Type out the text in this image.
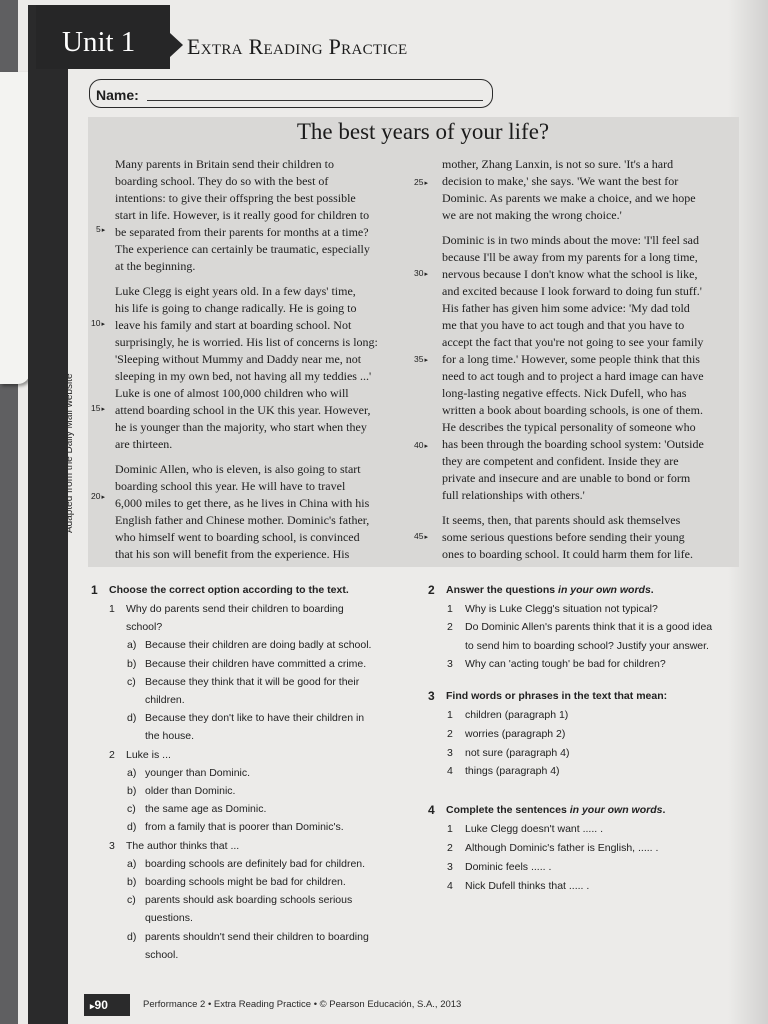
Unit 1 Extra Reading Practice
Name:
The best years of your life?
Adapted from the Daily Mail website
Many parents in Britain send their children to
boarding school. They do so with the best of
intentions: to give their offspring the best possible
start in life. However, is it really good for children to
be separated from their parents for months at a time?
The experience can certainly be traumatic, especially
at the beginning.
Luke Clegg is eight years old. In a few days' time,
his life is going to change radically. He is going to
leave his family and start at boarding school. Not
surprisingly, he is worried. His list of concerns is long:
'Sleeping without Mummy and Daddy near me, not
sleeping in my own bed, not having all my teddies ...'
Luke is one of almost 100,000 children who will
attend boarding school in the UK this year. However,
he is younger than the majority, who start when they
are thirteen.
Dominic Allen, who is eleven, is also going to start
boarding school this year. He will have to travel
6,000 miles to get there, as he lives in China with his
English father and Chinese mother. Dominic's father,
who himself went to boarding school, is convinced
that his son will benefit from the experience. His
mother, Zhang Lanxin, is not so sure. 'It's a hard
decision to make,' she says. 'We want the best for
Dominic. As parents we make a choice, and we hope
we are not making the wrong choice.'
Dominic is in two minds about the move: 'I'll feel sad
because I'll be away from my parents for a long time,
nervous because I don't know what the school is like,
and excited because I look forward to doing fun stuff.'
His father has given him some advice: 'My dad told
me that you have to act tough and that you have to
accept the fact that you're not going to see your family
for a long time.' However, some people think that this
need to act tough and to project a hard image can have
long-lasting negative effects. Nick Dufell, who has
written a book about boarding schools, is one of them.
He describes the typical personality of someone who
has been through the boarding school system: 'Outside
they are competent and confident. Inside they are
private and insecure and are unable to bond or form
full relationships with others.'
It seems, then, that parents should ask themselves
some serious questions before sending their young
ones to boarding school. It could harm them for life.
5 ▸
10 ▸
15 ▸
20 ▸
25 ▸
30 ▸
35 ▸
40 ▸
45 ▸
1 Choose the correct option according to the text.
1 Why do parents send their children to boarding
school?
a) Because their children are doing badly at school.
b) Because their children have committed a crime.
c) Because they think that it will be good for their
children.
d) Because they don't like to have their children in
the house.
2 Luke is ...
a) younger than Dominic.
b) older than Dominic.
c) the same age as Dominic.
d) from a family that is poorer than Dominic's.
3 The author thinks that ...
a) boarding schools are definitely bad for children.
b) boarding schools might be bad for children.
c) parents should ask boarding schools serious
questions.
d) parents shouldn't send their children to boarding
school.
2 Answer the questions in your own words.
1 Why is Luke Clegg's situation not typical?
2 Do Dominic Allen's parents think that it is a good idea
to send him to boarding school? Justify your answer.
3 Why can 'acting tough' be bad for children?
3 Find words or phrases in the text that mean:
1 children (paragraph 1)
2 worries (paragraph 2)
3 not sure (paragraph 4)
4 things (paragraph 4)
4 Complete the sentences in your own words.
1 Luke Clegg doesn't want ..... .
2 Although Dominic's father is English, ..... .
3 Dominic feels ..... .
4 Nick Dufell thinks that ..... .
▸90	Performance 2 • Extra Reading Practice • © Pearson Educación, S.A., 2013
